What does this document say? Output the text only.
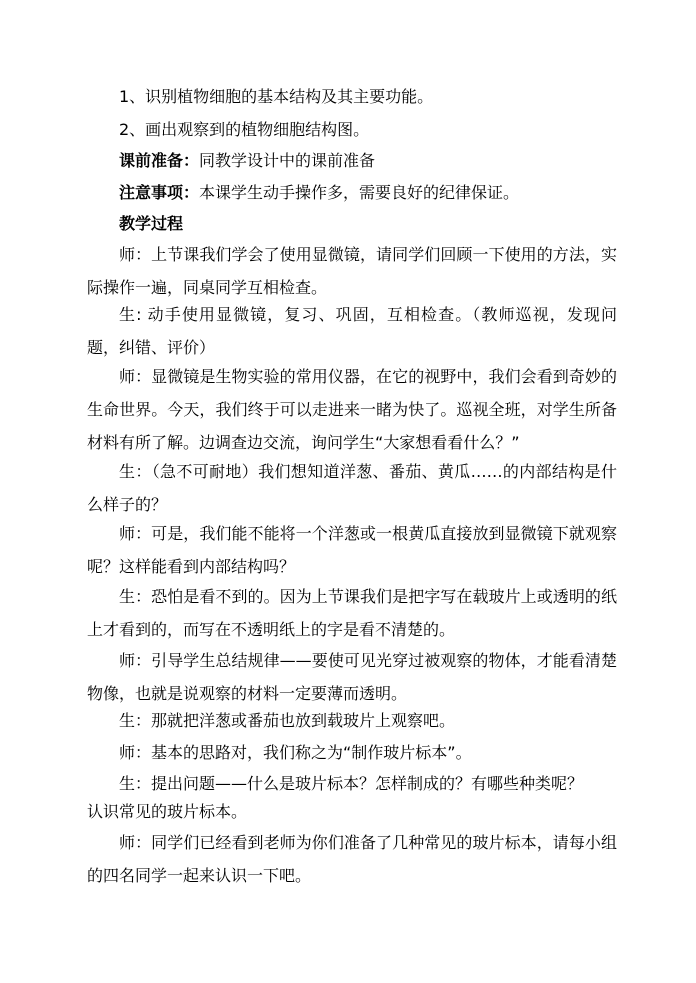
1、识别植物细胞的基本结构及其主要功能。

2、画出观察到的植物细胞结构图。

课前准备：同教学设计中的课前准备

注意事项：本课学生动手操作多，需要良好的纪律保证。

教学过程

师：上节课我们学会了使用显微镜，请同学们回顾一下使用的方法，实际操作一遍，同桌同学互相检查。

生: 动手使用显微镜，复习、巩固，互相检查。（教师巡视，发现问题，纠错、评价）

师：显微镜是生物实验的常用仪器，在它的视野中，我们会看到奇妙的生命世界。今天，我们终于可以走进来一睹为快了。巡视全班，对学生所备材料有所了解。边调查边交流，询问学生“大家想看看什么？”

生：（急不可耐地）我们想知道洋葱、番茄、黄瓜……的内部结构是什么样子的？

师：可是，我们能不能将一个洋葱或一根黄瓜直接放到显微镜下就观察呢？这样能看到内部结构吗？

生：恐怕是看不到的。因为上节课我们是把字写在载玻片上或透明的纸上才看到的，而写在不透明纸上的字是看不清楚的。

师：引导学生总结规律——要使可见光穿过被观察的物体，才能看清楚物像，也就是说观察的材料一定要薄而透明。

生：那就把洋葱或番茄也放到载玻片上观察吧。

师：基本的思路对，我们称之为“制作玻片标本”。

生：提出问题——什么是玻片标本？怎样制成的？有哪些种类呢？

认识常见的玻片标本。

师：同学们已经看到老师为你们准备了几种常见的玻片标本，请每小组的四名同学一起来认识一下吧。
